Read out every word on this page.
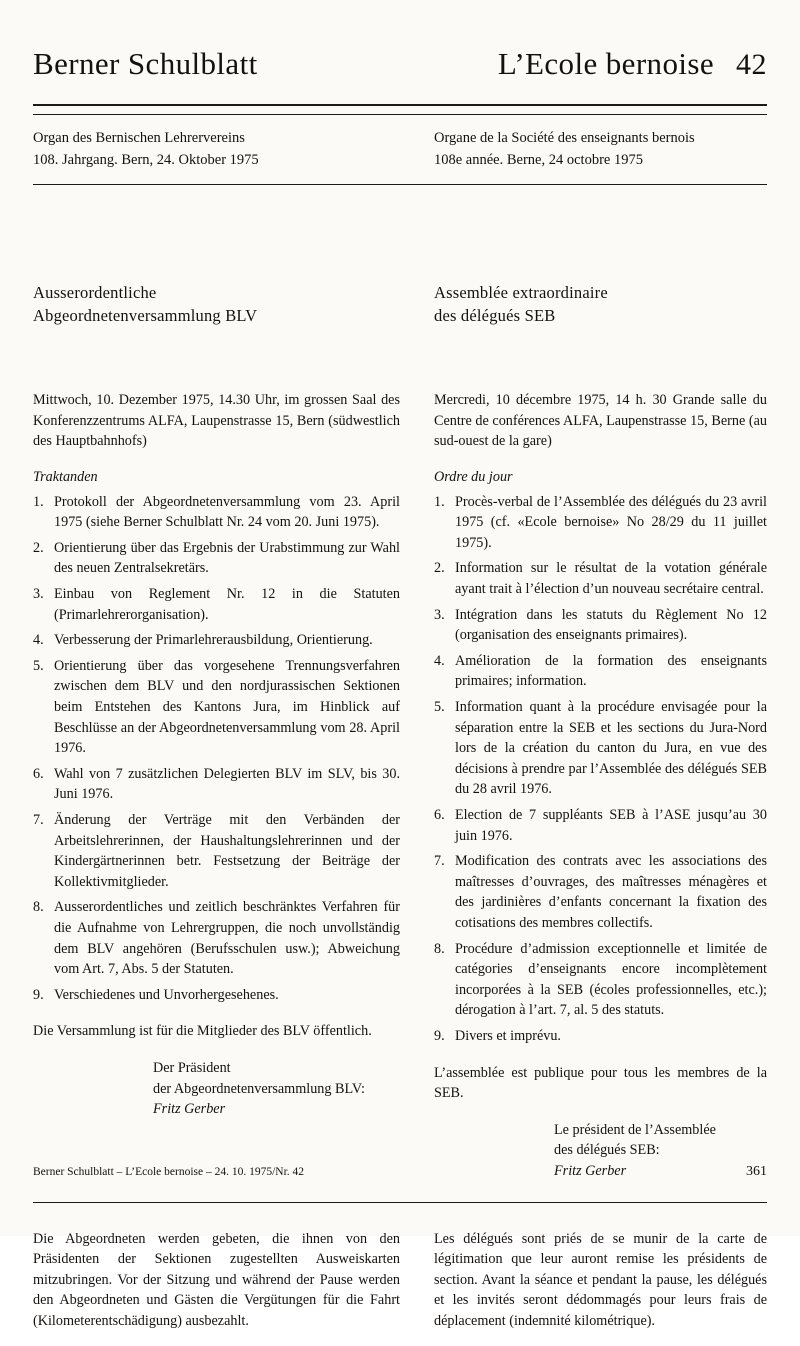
Berner Schulblatt	L’Ecole bernoise 42
Organ des Bernischen Lehrervereins
108. Jahrgang. Bern, 24. Oktober 1975
Organe de la Société des enseignants bernois
108e année. Berne, 24 octobre 1975
Ausserordentliche
Abgeordnetenversammlung BLV

Mittwoch, 10. Dezember 1975, 14.30 Uhr, im grossen Saal des Konferenzzentrums ALFA, Laupenstrasse 15, Bern (südwestlich des Hauptbahnhofs)

Traktanden
1. Protokoll der Abgeordnetenversammlung vom 23. April 1975 (siehe Berner Schulblatt Nr. 24 vom 20. Juni 1975).
2. Orientierung über das Ergebnis der Urabstimmung zur Wahl des neuen Zentralsekretärs.
3. Einbau von Reglement Nr. 12 in die Statuten (Primarlehrerorganisation).
4. Verbesserung der Primarlehrerausbildung, Orientierung.
5. Orientierung über das vorgesehene Trennungsverfahren zwischen dem BLV und den nordjurassischen Sektionen beim Entstehen des Kantons Jura, im Hinblick auf Beschlüsse an der Abgeordnetenversammlung vom 28. April 1976.
6. Wahl von 7 zusätzlichen Delegierten BLV im SLV, bis 30. Juni 1976.
7. Änderung der Verträge mit den Verbänden der Arbeitslehrerinnen, der Haushaltungslehrerinnen und der Kindergärtnerinnen betr. Festsetzung der Beiträge der Kollektivmitglieder.
8. Ausserordentliches und zeitlich beschränktes Verfahren für die Aufnahme von Lehrergruppen, die noch unvollständig dem BLV angehören (Berufsschulen usw.); Abweichung vom Art. 7, Abs. 5 der Statuten.
9. Verschiedenes und Unvorhergesehenes.

Die Versammlung ist für die Mitglieder des BLV öffentlich.

Der Präsident
der Abgeordnetenversammlung BLV:
Fritz Gerber
Assemblée extraordinaire
des délégués SEB

Mercredi, 10 décembre 1975, 14 h. 30 Grande salle du Centre de conférences ALFA, Laupenstrasse 15, Berne (au sud-ouest de la gare)

Ordre du jour
1. Procès-verbal de l’Assemblée des délégués du 23 avril 1975 (cf. «Ecole bernoise» No 28/29 du 11 juillet 1975).
2. Information sur le résultat de la votation générale ayant trait à l’élection d’un nouveau secrétaire central.
3. Intégration dans les statuts du Règlement No 12 (organisation des enseignants primaires).
4. Amélioration de la formation des enseignants primaires; information.
5. Information quant à la procédure envisagée pour la séparation entre la SEB et les sections du Jura-Nord lors de la création du canton du Jura, en vue des décisions à prendre par l’Assemblée des délégués SEB du 28 avril 1976.
6. Election de 7 suppléants SEB à l’ASE jusqu’au 30 juin 1976.
7. Modification des contrats avec les associations des maîtresses d’ouvrages, des maîtresses ménagères et des jardinières d’enfants concernant la fixation des cotisations des membres collectifs.
8. Procédure d’admission exceptionnelle et limitée de catégories d’enseignants encore incomplètement incorporées à la SEB (écoles professionnelles, etc.); dérogation à l’art. 7, al. 5 des statuts.
9. Divers et imprévu.

L’assemblée est publique pour tous les membres de la SEB.

Le président de l’Assemblée
des délégués SEB:
Fritz Gerber

Die Abgeordneten werden gebeten, die ihnen von den Präsidenten der Sektionen zugestellten Ausweiskarten mitzubringen. Vor der Sitzung und während der Pause werden den Abgeordneten und Gästen die Vergütungen für die Fahrt (Kilometerentschädigung) ausbezahlt.

Les délégués sont priés de se munir de la carte de légitimation que leur auront remise les présidents de section. Avant la séance et pendant la pause, les délégués et les invités seront dédommagés pour leurs frais de déplacement (indemnité kilométrique).

Berner Schulblatt – L’Ecole bernoise – 24. 10. 1975/Nr. 42	361
